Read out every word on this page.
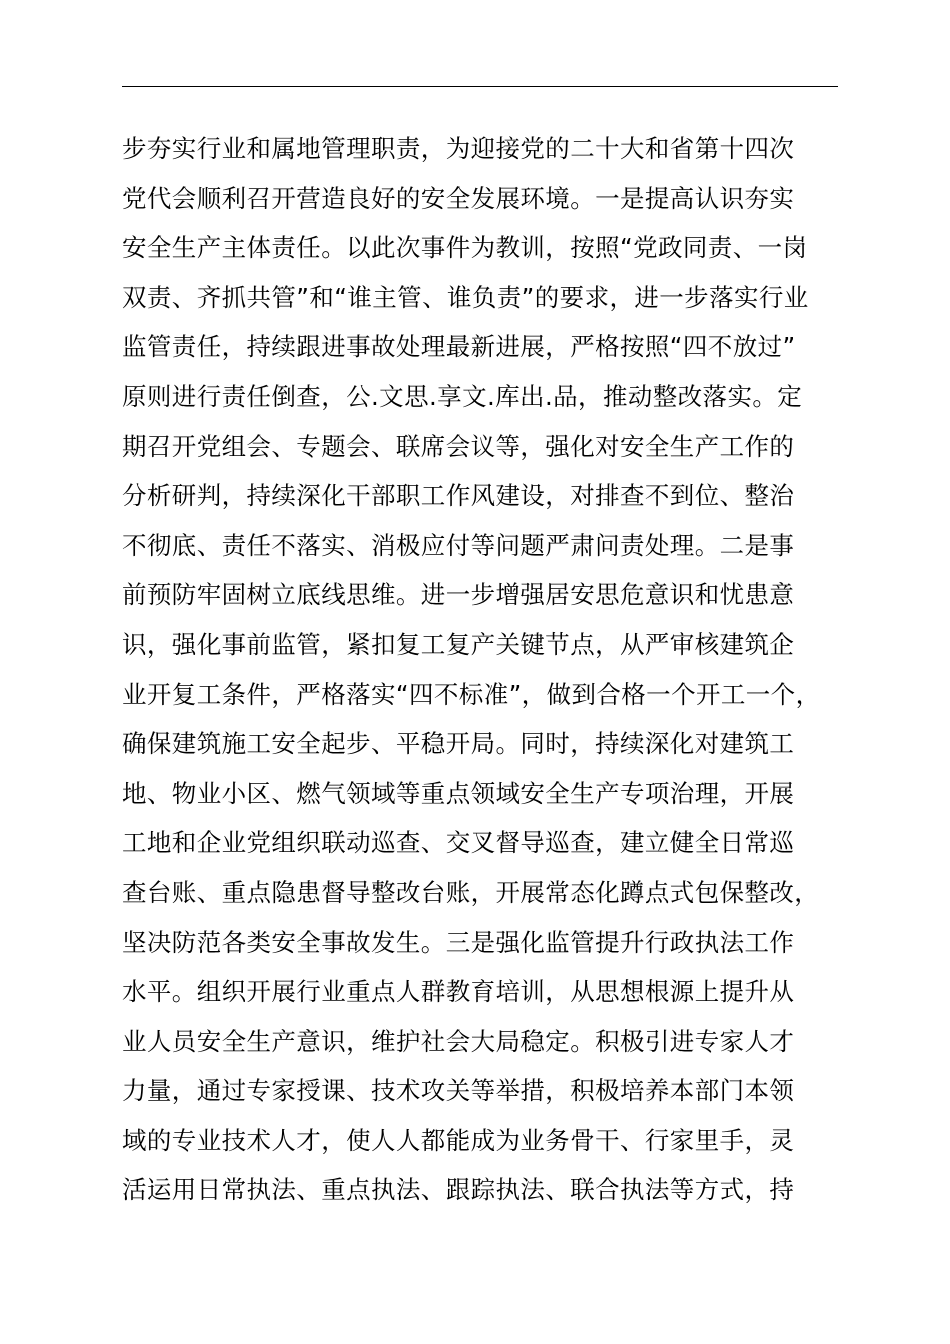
步夯实行业和属地管理职责，为迎接党的二十大和省第十四次
党代会顺利召开营造良好的安全发展环境。一是提高认识夯实
安全生产主体责任。以此次事件为教训，按照“党政同责、一岗
双责、齐抓共管”和“谁主管、谁负责”的要求，进一步落实行业
监管责任，持续跟进事故处理最新进展，严格按照“四不放过”
原则进行责任倒查，公.文思.享文.库出.品，推动整改落实。定
期召开党组会、专题会、联席会议等，强化对安全生产工作的
分析研判，持续深化干部职工作风建设，对排查不到位、整治
不彻底、责任不落实、消极应付等问题严肃问责处理。二是事
前预防牢固树立底线思维。进一步增强居安思危意识和忧患意
识，强化事前监管，紧扣复工复产关键节点，从严审核建筑企
业开复工条件，严格落实“四不标准”，做到合格一个开工一个，
确保建筑施工安全起步、平稳开局。同时，持续深化对建筑工
地、物业小区、燃气领域等重点领域安全生产专项治理，开展
工地和企业党组织联动巡查、交叉督导巡查，建立健全日常巡
查台账、重点隐患督导整改台账，开展常态化蹲点式包保整改，
坚决防范各类安全事故发生。三是强化监管提升行政执法工作
水平。组织开展行业重点人群教育培训，从思想根源上提升从
业人员安全生产意识，维护社会大局稳定。积极引进专家人才
力量，通过专家授课、技术攻关等举措，积极培养本部门本领
域的专业技术人才，使人人都能成为业务骨干、行家里手，灵
活运用日常执法、重点执法、跟踪执法、联合执法等方式，持
